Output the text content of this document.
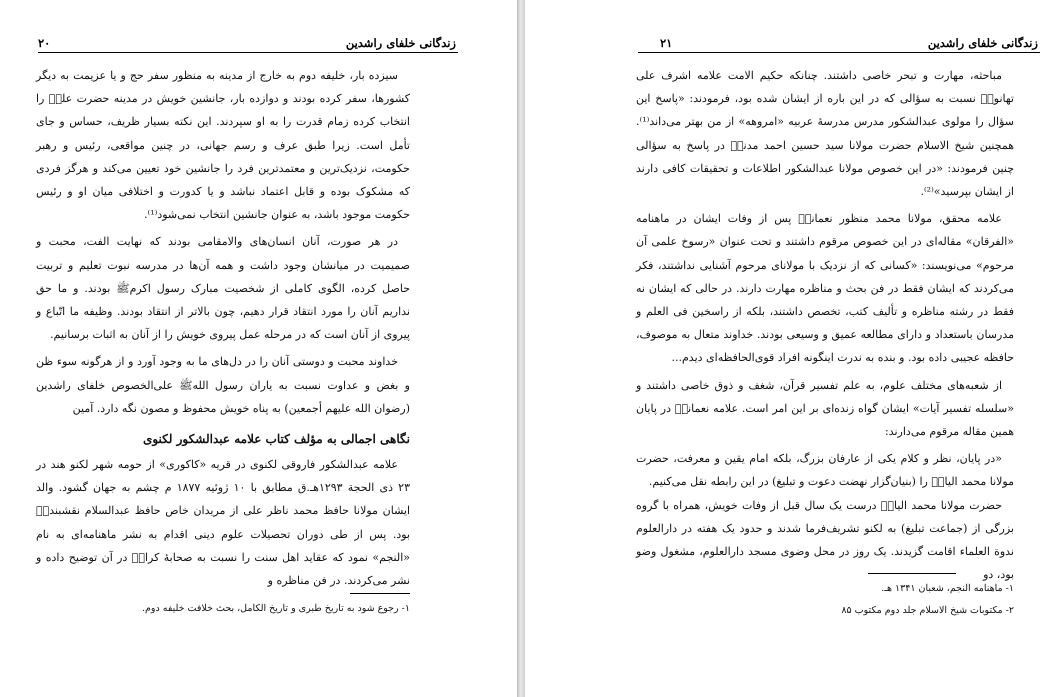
زندگانی خلفای راشدین
۲۰

سیزده بار، خلیفه دوم به خارج از مدینه به منظور سفر حج و یا عزیمت به دیگر کشورها، سفر کرده بودند و دوازده بار، جانشین خویش در مدینه حضرت علیؓ را انتخاب کرده زمام قدرت را به او سپردند. این نکته بسیار ظریف، حساس و جای تأمل است. زیرا طبق عرف و رسم جهانی، در چنین مواقعی، رئیس و رهبر حکومت، نزدیک‌ترین و معتمدترین فرد را جانشین خود تعیین می‌کند و هرگز فردی که مشکوک بوده و قابل اعتماد نباشد و یا کدورت و اختلافی میان او و رئیس حکومت موجود باشد، به عنوان جانشین انتخاب نمی‌شود⁽¹⁾.

در هر صورت، آنان انسان‌های والامقامی بودند که نهایت الفت، محبت و صمیمیت در میانشان وجود داشت و همه آن‌ها در مدرسه نبوت تعلیم و تربیت حاصل کرده، الگوی کاملی از شخصیت مبارک رسول اکرمﷺ بودند. و ما حق نداریم آنان را مورد انتقاد قرار دهیم، چون بالاتر از انتقاد بودند. وظیفه ما اتّباع و پیروی از آنان است که در مرحله عمل پیروی خویش را از آنان به اثبات برسانیم.

خداوند محبت و دوستی آنان را در دل‌های ما به وجود آورد و از هرگونه سوء ظن و بغض و عداوت نسبت به یاران رسول اللهﷺ علی‌الخصوص خلفای راشدین (رضوان الله علیهم أجمعین) به پناه خویش محفوظ و مصون نگه دارد. آمین

نگاهی اجمالی به مؤلف کتاب علامه عبدالشکور لکنوی

علامه عبدالشکور فاروقی لکنوی در قریه «کاکوری» از حومه شهر لکنو هند در ۲۳ ذی الحجة ۱۲۹۳هـ.ق مطابق با ۱۰ ژوئیه ۱۸۷۷ م چشم به جهان گشود. والد ایشان مولانا حافظ محمد ناظر علی از مریدان خاص حافظ عبدالسلام نقشبندیؒ بود. پس از طی دوران تحصیلات علوم دینی اقدام به نشر ماهنامه‌ای به نام «النجم» نمود که عقاید اهل سنت را نسبت به صحابهٔ کرامؓ در آن توضیح داده و نشر می‌کردند. در فن مناظره و

۱- رجوع شود به تاریخ طبری و تاریخ الکامل، بحث خلافت خلیفه دوم.
زندگانی خلفای راشدین
۲۱

مباحثه، مهارت و تبحر خاصی داشتند. چنانکه حکیم الامت علامه اشرف علی تهانویؒ نسبت به سؤالی که در این باره از ایشان شده بود، فرمودند: «پاسخ این سؤال را مولوی عبدالشکور مدرس مدرسهٔ عربیه «امروهه» از من بهتر می‌داند⁽¹⁾. همچنین شیخ الاسلام حضرت مولانا سید حسین احمد مدنیؒ در پاسخ به سؤالی چنین فرمودند: «در این خصوص مولانا عبدالشکور اطلاعات و تحقیقات کافی دارند از ایشان بپرسید»⁽²⁾.

علامه محقق، مولانا محمد منظور نعمانیؒ پس از وفات ایشان در ماهنامه «الفرقان» مقاله‌ای در این خصوص مرقوم داشتند و تحت عنوان «رسوخ علمی آن مرحوم» می‌نویسند: «کسانی که از نزدیک با مولانای مرحوم آشنایی نداشتند، فکر می‌کردند که ایشان فقط در فن بحث و مناظره مهارت دارند. در حالی که ایشان نه فقط در رشته مناظره و تألیف کتب، تخصص داشتند، بلکه از راسخین فی العلم و مدرسان باستعداد و دارای مطالعه عمیق و وسیعی بودند. خداوند متعال به موصوف، حافظه عجیبی داده بود. و بنده به ندرت اینگونه افراد قوی‌الحافظه‌ای دیدم...

از شعبه‌های مختلف علوم، به علم تفسیر قرآن، شغف و ذوق خاصی داشتند و «سلسله تفسیر آیات» ایشان گواه زنده‌ای بر این امر است. علامه نعمانیؒ در پایان همین مقاله مرقوم می‌دارند:

«در پایان، نظر و کلام یکی از عارفان بزرگ، بلکه امام یقین و معرفت، حضرت مولانا محمد الیاسؒ را (بنیان‌گزار نهضت دعوت و تبلیغ) در این رابطه نقل می‌کنیم.

حضرت مولانا محمد الیاسؒ درست یک سال قبل از وفات خویش، همراه با گروه بزرگی از (جماعت تبلیغ) به لکنو تشریف‌فرما شدند و حدود یک هفته در دارالعلوم ندوة العلماء اقامت گزیدند. یک روز در محل وضوی مسجد دارالعلوم، مشغول وضو بود، دو

۱- ماهنامه النجم، شعبان ۱۳۴۱ هـ.
۲- مکتوبات شیخ الاسلام جلد دوم مکتوب ۸۵
